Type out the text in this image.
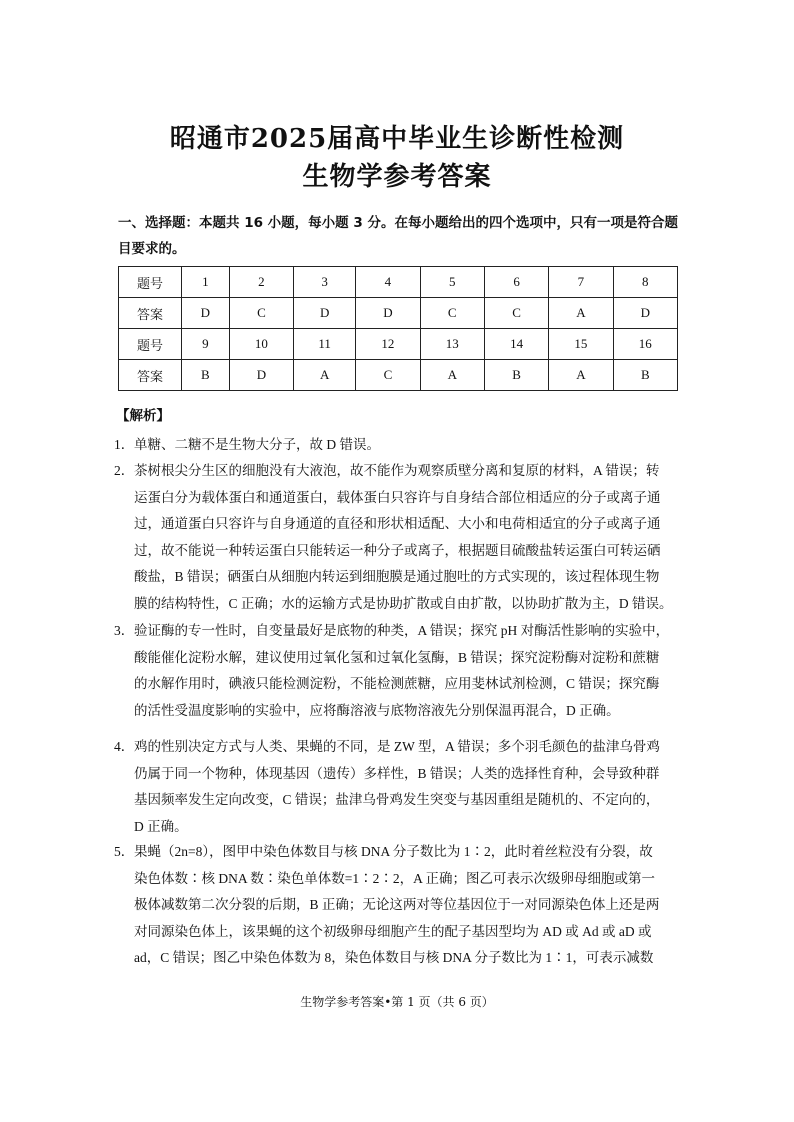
昭通市2025届高中毕业生诊断性检测
生物学参考答案
一、选择题：本题共 16 小题，每小题 3 分。在每小题给出的四个选项中，只有一项是符合题
目要求的。
题号	1	2	3	4	5	6	7	8
答案	D	C	D	D	C	C	A	D
题号	9	10	11	12	13	14	15	16
答案	B	D	A	C	A	B	A	B
【解析】
1． 单糖、二糖不是生物大分子，故 D 错误。
2． 茶树根尖分生区的细胞没有大液泡，故不能作为观察质壁分离和复原的材料，A 错误；转
运蛋白分为载体蛋白和通道蛋白，载体蛋白只容许与自身结合部位相适应的分子或离子通
过，通道蛋白只容许与自身通道的直径和形状相适配、大小和电荷相适宜的分子或离子通
过，故不能说一种转运蛋白只能转运一种分子或离子，根据题目硫酸盐转运蛋白可转运硒
酸盐，B 错误；硒蛋白从细胞内转运到细胞膜是通过胞吐的方式实现的，该过程体现生物
膜的结构特性，C 正确；水的运输方式是协助扩散或自由扩散，以协助扩散为主，D 错误。
3． 验证酶的专一性时，自变量最好是底物的种类，A 错误；探究 pH 对酶活性影响的实验中，
酸能催化淀粉水解，建议使用过氧化氢和过氧化氢酶，B 错误；探究淀粉酶对淀粉和蔗糖
的水解作用时，碘液只能检测淀粉，不能检测蔗糖，应用斐林试剂检测，C 错误；探究酶
的活性受温度影响的实验中，应将酶溶液与底物溶液先分别保温再混合，D 正确。
4． 鸡的性别决定方式与人类、果蝇的不同，是 ZW 型，A 错误；多个羽毛颜色的盐津乌骨鸡
仍属于同一个物种，体现基因（遗传）多样性，B 错误；人类的选择性育种，会导致种群
基因频率发生定向改变，C 错误；盐津乌骨鸡发生突变与基因重组是随机的、不定向的，
D 正确。
5． 果蝇（2n=8），图甲中染色体数目与核 DNA 分子数比为 1∶2，此时着丝粒没有分裂，故
染色体数∶核 DNA 数∶染色单体数=1∶2∶2，A 正确；图乙可表示次级卵母细胞或第一
极体减数第二次分裂的后期，B 正确；无论这两对等位基因位于一对同源染色体上还是两
对同源染色体上，该果蝇的这个初级卵母细胞产生的配子基因型均为 AD 或 Ad 或 aD 或
ad，C 错误；图乙中染色体数为 8，染色体数目与核 DNA 分子数比为 1∶1，可表示减数
生物学参考答案•第 1 页（共 6 页）
